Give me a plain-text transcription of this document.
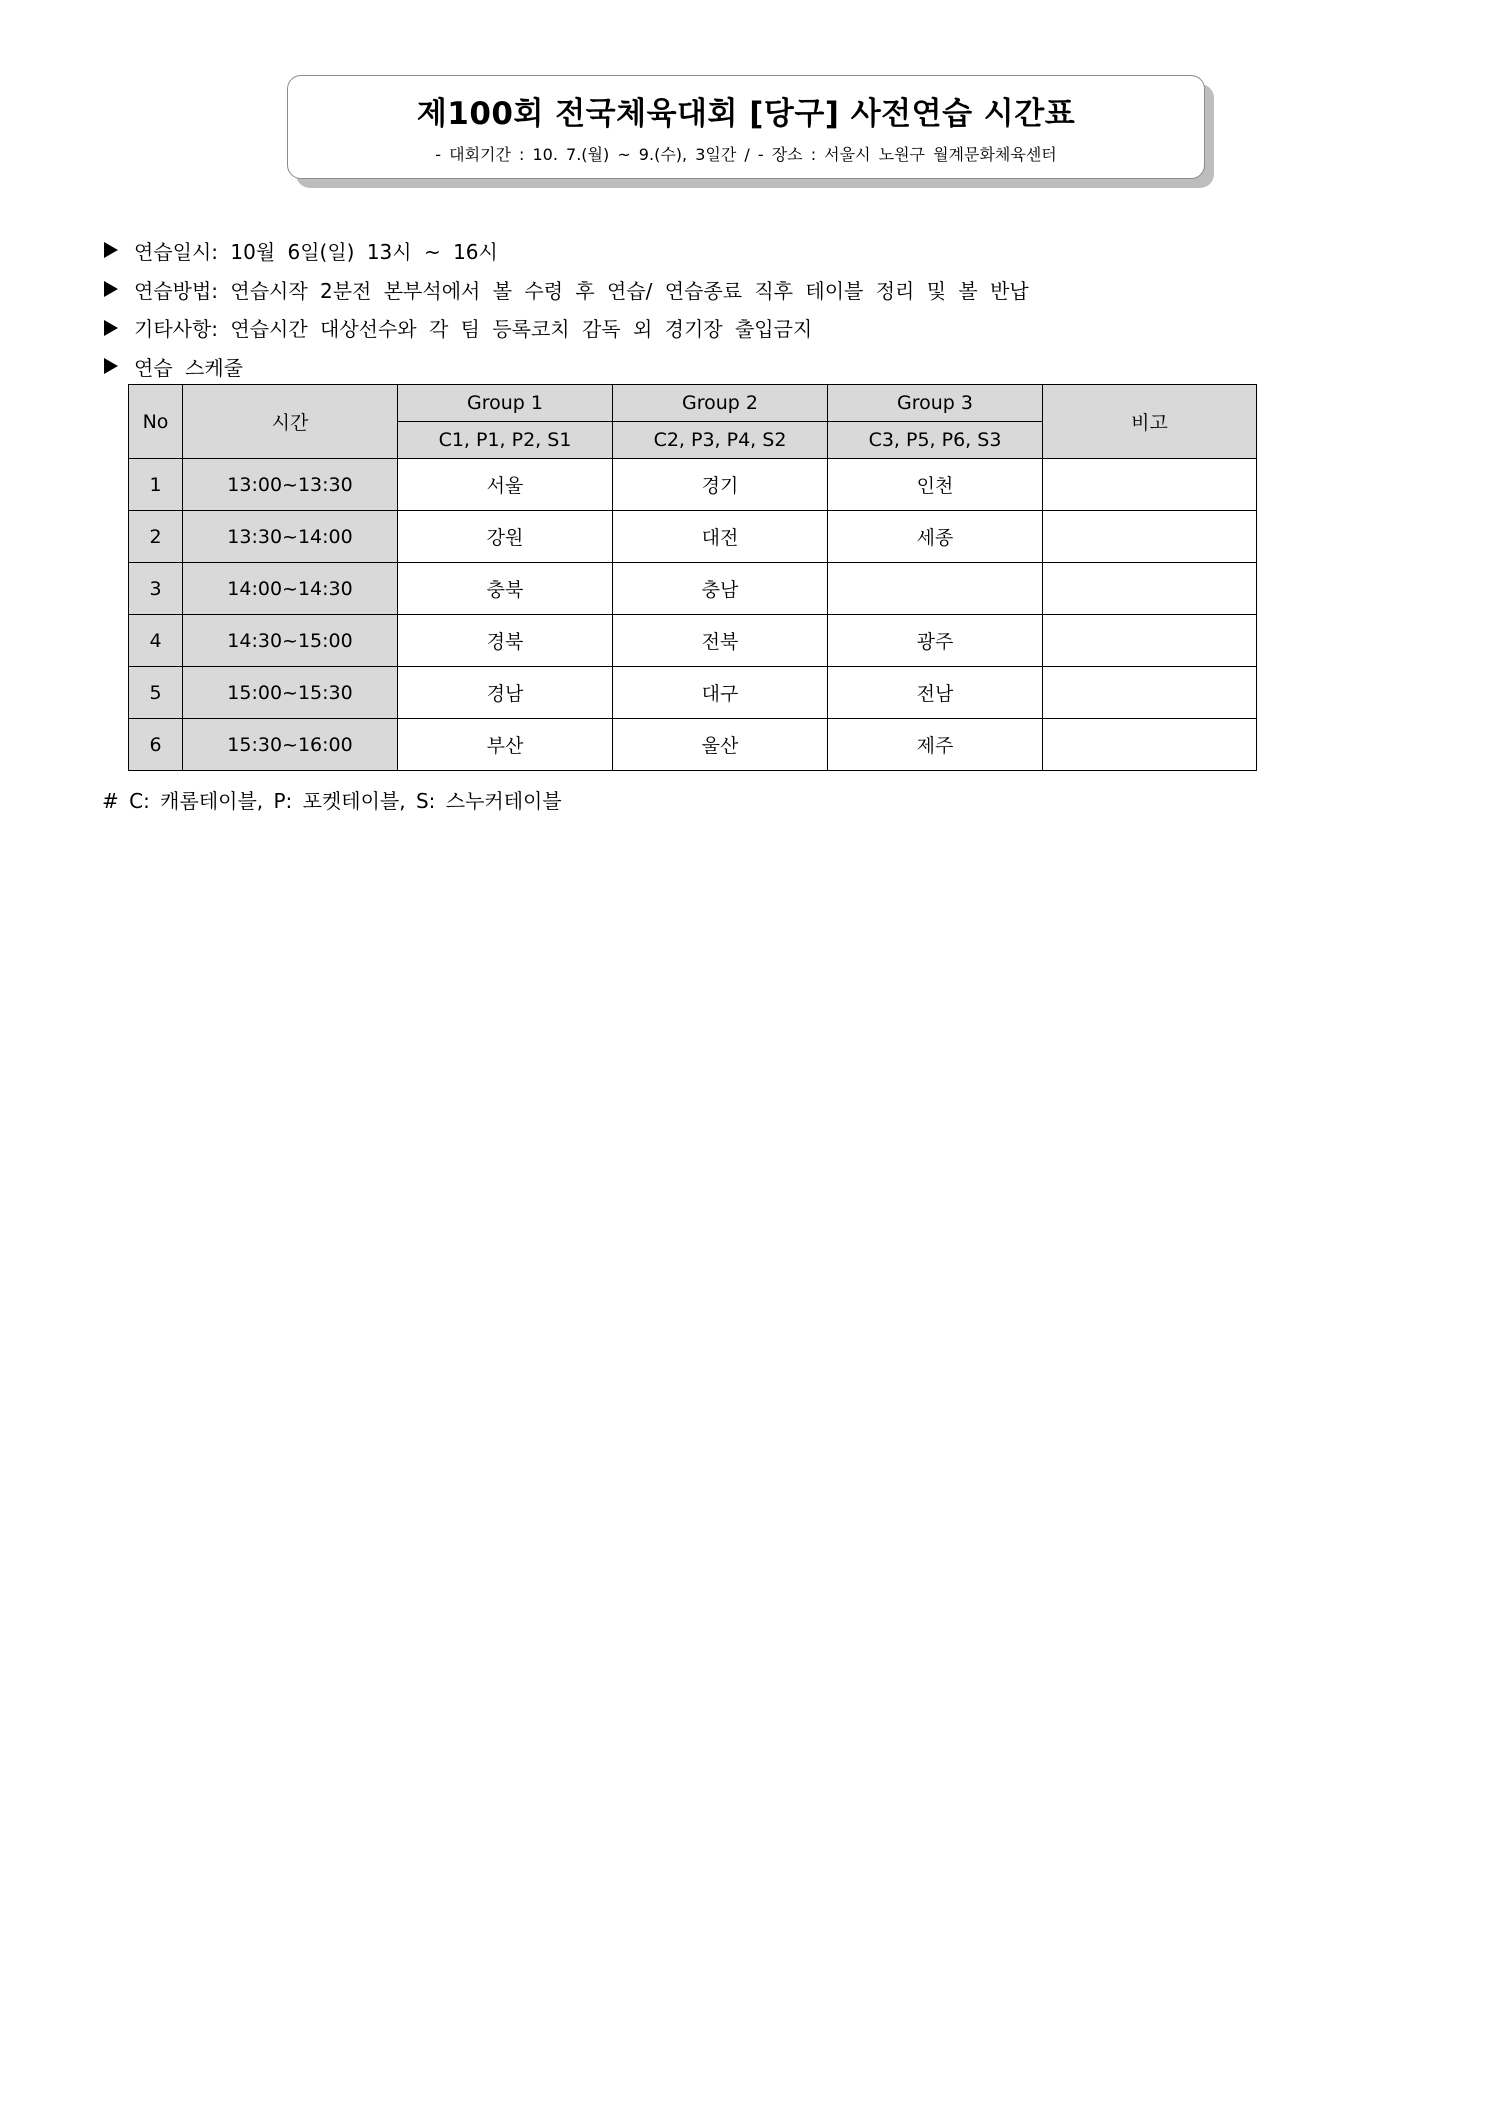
제100회 전국체육대회 [당구] 사전연습 시간표
- 대회기간 : 10. 7.(월) ~ 9.(수), 3일간 / - 장소 : 서울시 노원구 월계문화체육센터
연습일시: 10월 6일(일) 13시 ~ 16시
연습방법: 연습시작 2분전 본부석에서 볼 수령 후 연습/ 연습종료 직후 테이블 정리 및 볼 반납
기타사항: 연습시간 대상선수와 각 팀 등록코치 감독 외 경기장 출입금지
연습 스케줄
No	시간	Group 1	Group 2	Group 3	비고
		C1, P1, P2, S1	C2, P3, P4, S2	C3, P5, P6, S3	
1	13:00~13:30	서울	경기	인천	
2	13:30~14:00	강원	대전	세종	
3	14:00~14:30	충북	충남		
4	14:30~15:00	경북	전북	광주	
5	15:00~15:30	경남	대구	전남	
6	15:30~16:00	부산	울산	제주	
# C: 캐롬테이블, P: 포켓테이블, S: 스누커테이블
